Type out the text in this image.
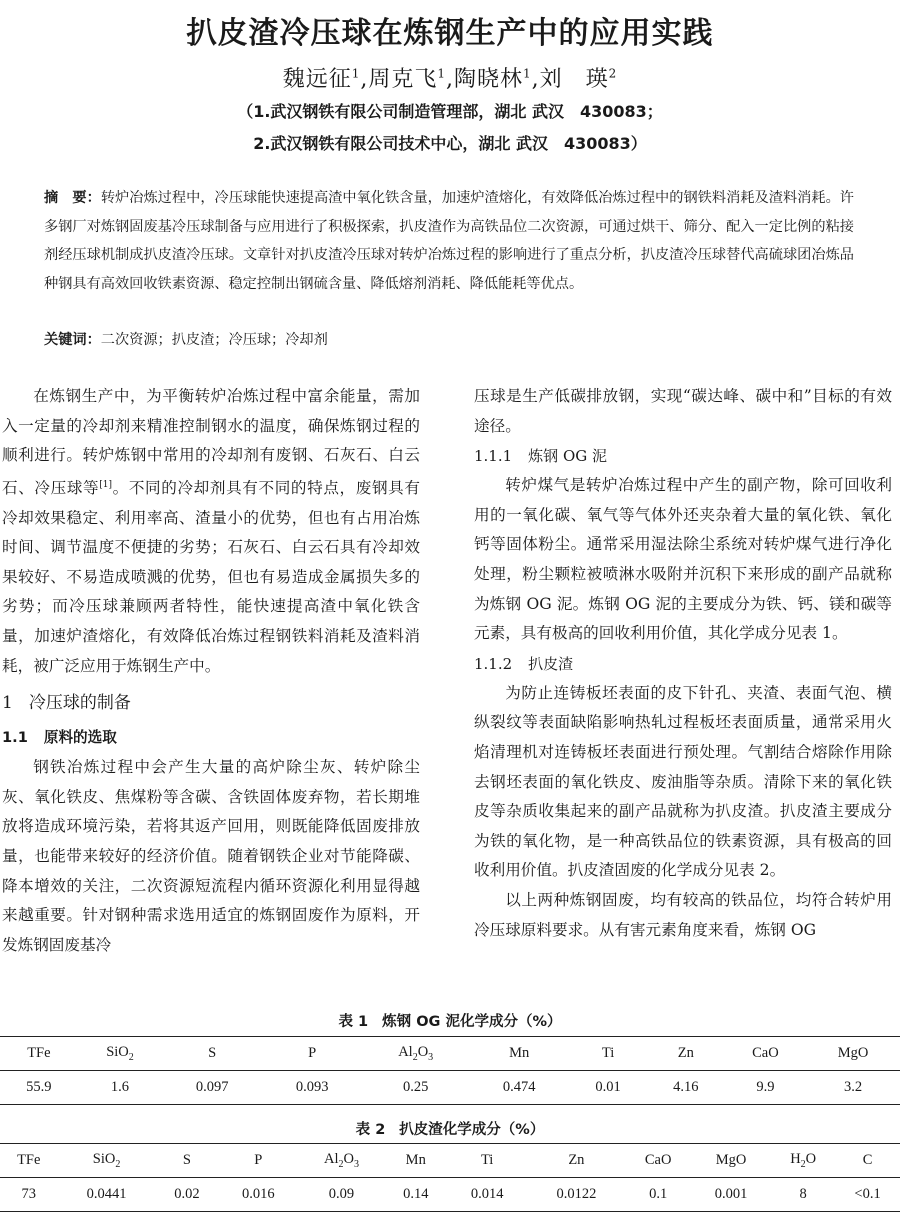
扒皮渣冷压球在炼钢生产中的应用实践
魏远征$^1$,周克飞$^1$,陶晓林$^1$,刘　瑛$^2$
（1.武汉钢铁有限公司制造管理部，湖北 武汉　430083；
2.武汉钢铁有限公司技术中心，湖北 武汉　430083）
摘　要：转炉冶炼过程中，冷压球能快速提高渣中氧化铁含量，加速炉渣熔化，有效降低冶炼过程中的钢铁料消耗及渣料消耗。许多钢厂对炼钢固废基冷压球制备与应用进行了积极探索，扒皮渣作为高铁品位二次资源，可通过烘干、筛分、配入一定比例的粘接剂经压球机制成扒皮渣冷压球。文章针对扒皮渣冷压球对转炉冶炼过程的影响进行了重点分析，扒皮渣冷压球替代高硫球团冶炼品种钢具有高效回收铁素资源、稳定控制出钢硫含量、降低熔剂消耗、降低能耗等优点。
关键词：二次资源；扒皮渣；冷压球；冷却剂

在炼钢生产中，为平衡转炉冶炼过程中富余能量，需加入一定量的冷却剂来精准控制钢水的温度，确保炼钢过程的顺利进行。转炉炼钢中常用的冷却剂有废钢、石灰石、白云石、冷压球等[1]。不同的冷却剂具有不同的特点，废钢具有冷却效果稳定、利用率高、渣量小的优势，但也有占用冶炼时间、调节温度不便捷的劣势；石灰石、白云石具有冷却效果较好、不易造成喷溅的优势，但也有易造成金属损失多的劣势；而冷压球兼顾两者特性，能快速提高渣中氧化铁含量，加速炉渣熔化，有效降低冶炼过程钢铁料消耗及渣料消耗，被广泛应用于炼钢生产中。

1 冷压球的制备
1.1 原料的选取

钢铁冶炼过程中会产生大量的高炉除尘灰、转炉除尘灰、氧化铁皮、焦煤粉等含碳、含铁固体废弃物，若长期堆放将造成环境污染，若将其返产回用，则既能降低固废排放量，也能带来较好的经济价值。随着钢铁企业对节能降碳、降本增效的关注，二次资源短流程内循环资源化利用显得越来越重要。针对钢种需求选用适宜的炼钢固废作为原料，开发炼钢固废基冷

压球是生产低碳排放钢，实现“碳达峰、碳中和”目标的有效途径。

1.1.1 炼钢 OG 泥

转炉煤气是转炉冶炼过程中产生的副产物，除可回收利用的一氧化碳、氧气等气体外还夹杂着大量的氧化铁、氧化钙等固体粉尘。通常采用湿法除尘系统对转炉煤气进行净化处理，粉尘颗粒被喷淋水吸附并沉积下来形成的副产品就称为炼钢 OG 泥。炼钢 OG 泥的主要成分为铁、钙、镁和碳等元素，具有极高的回收利用价值，其化学成分见表 1。

1.1.2 扒皮渣

为防止连铸板坯表面的皮下针孔、夹渣、表面气泡、横纵裂纹等表面缺陷影响热轧过程板坯表面质量，通常采用火焰清理机对连铸板坯表面进行预处理。气割结合熔除作用除去钢坯表面的氧化铁皮、废油脂等杂质。清除下来的氧化铁皮等杂质收集起来的副产品就称为扒皮渣。扒皮渣主要成分为铁的氧化物，是一种高铁品位的铁素资源，具有极高的回收利用价值。扒皮渣固废的化学成分见表 2。

以上两种炼钢固废，均有较高的铁品位，均符合转炉用冷压球原料要求。从有害元素角度来看，炼钢 OG

表 1 炼钢 OG 泥化学成分（%）
TFe	SiO$_2$	S	P	$Al_2O_3$	Mn	Ti	Zn	CaO	MgO
55.9	1.6	0.097	0.093	0.25	0.474	0.01	4.16	9.9	3.2
表 2 扒皮渣化学成分（%）
TFe	SiO$_2$	S	P	$Al_2O_3$	Mn	Ti	Zn	CaO	MgO	$H_2O$	C
73	0.0441	0.02	0.016	0.09	0.14	0.014	0.0122	0.1	0.001	8	<0.1
